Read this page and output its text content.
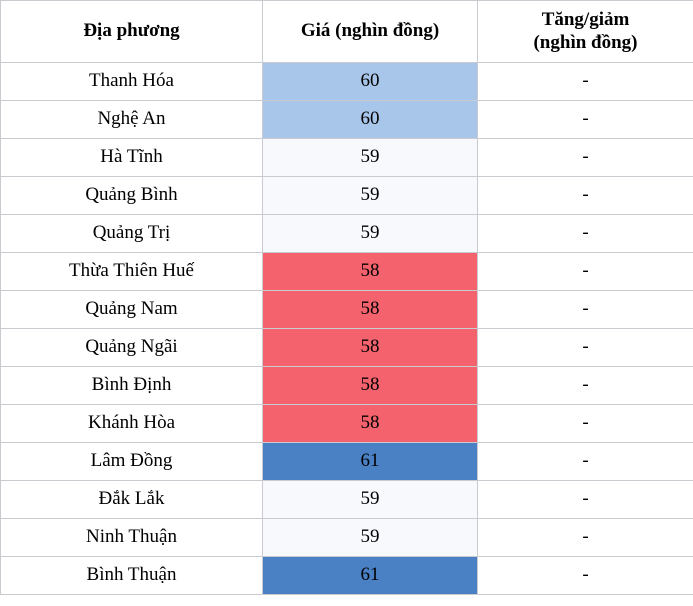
Địa phương	Giá (nghìn đồng)	Tăng/giảm
(nghìn đồng)

Thanh Hóa	60	-
Nghệ An	60	-
Hà Tĩnh	59	-
Quảng Bình	59	-
Quảng Trị	59	-
Thừa Thiên Huế	58	-
Quảng Nam	58	-
Quảng Ngãi	58	-
Bình Định	58	-
Khánh Hòa	58	-
Lâm Đồng	61	-
Đắk Lắk	59	-
Ninh Thuận	59	-
Bình Thuận	61	-
